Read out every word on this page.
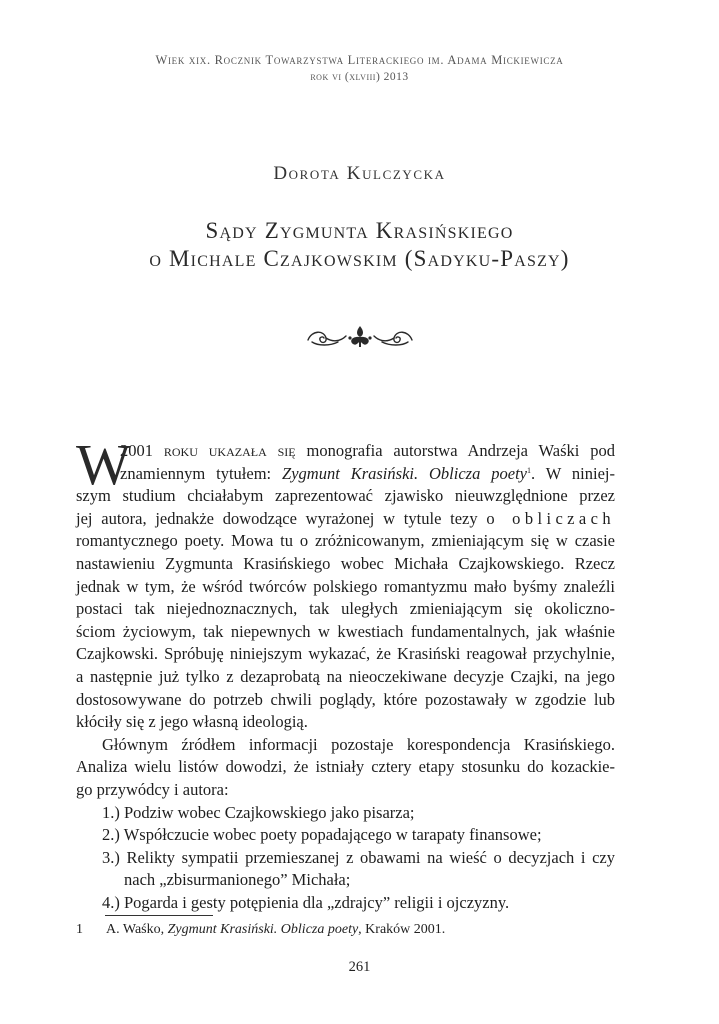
Wiek xix. Rocznik Towarzystwa Literackiego im. Adama Mickiewicza
rok vi (xlviii) 2013
Dorota Kulczycka
Sądy Zygmunta Krasińskiego
o Michale Czajkowskim (Sadyku-Paszy)
W
2001 roku ukazała się monografia autorstwa Andrzeja Waśki pod
znamiennym tytułem: Zygmunt Krasiński. Oblicza poety$^1$. W niniej-
szym studium chciałabym zaprezentować zjawisko nieuwzględnione przez
jej autora, jednakże dowodzące wyrażonej w tytule tezy o obliczach
romantycznego poety. Mowa tu o zróżnicowanym, zmieniającym się w czasie
nastawieniu Zygmunta Krasińskiego wobec Michała Czajkowskiego. Rzecz
jednak w tym, że wśród twórców polskiego romantyzmu mało byśmy znaleźli
postaci tak niejednoznacznych, tak uległych zmieniającym się okoliczno-
ściom życiowym, tak niepewnych w kwestiach fundamentalnych, jak właśnie
Czajkowski. Spróbuję niniejszym wykazać, że Krasiński reagował przychylnie,
a następnie już tylko z dezaprobatą na nieoczekiwane decyzje Czajki, na jego
dostosowywane do potrzeb chwili poglądy, które pozostawały w zgodzie lub
kłóciły się z jego własną ideologią.
Głównym źródłem informacji pozostaje korespondencja Krasińskiego.
Analiza wielu listów dowodzi, że istniały cztery etapy stosunku do kozackie-
go przywódcy i autora:
1.) Podziw wobec Czajkowskiego jako pisarza;
2.) Współczucie wobec poety popadającego w tarapaty finansowe;
3.) Relikty sympatii przemieszanej z obawami na wieść o decyzjach i czy
nach „zbisurmanionego” Michała;
4.) Pogarda i gesty potępienia dla „zdrajcy” religii i ojczyzny.
1 A. Waśko, Zygmunt Krasiński. Oblicza poety, Kraków 2001.
261
